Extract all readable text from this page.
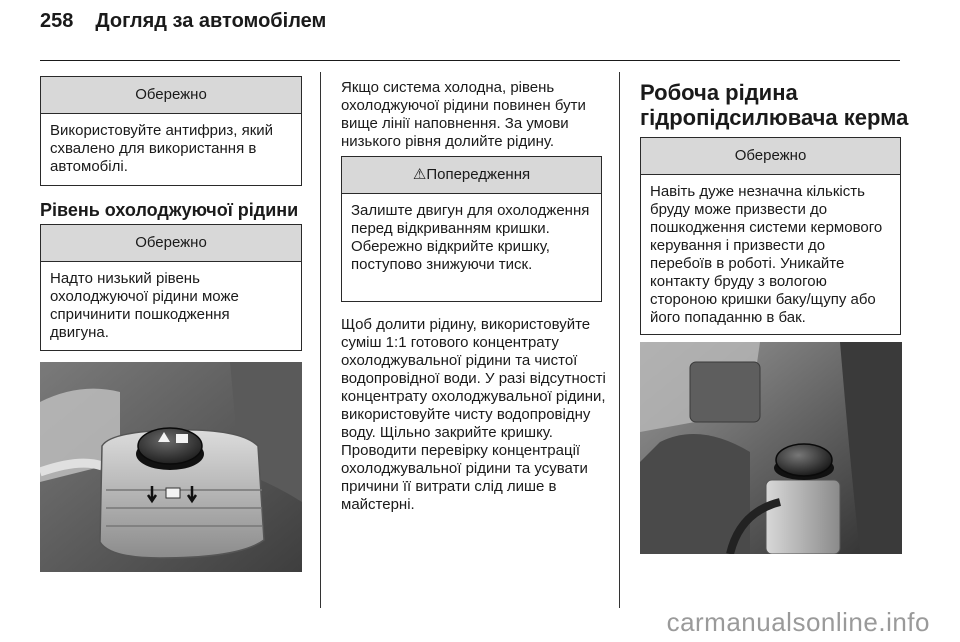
258 Догляд за автомобілем
Обережно
Використовуйте антифриз, який схвалено для використання в автомобілі.
Рівень охолоджуючої рідини
Обережно
Надто низький рівень охолоджуючої рідини може спричинити пошкодження двигуна.
Якщо система холодна, рівень охолоджуючої рідини повинен бути вище лінії наповнення. За умови низького рівня долийте рідину.
⚠Попередження
Залиште двигун для охолодження перед відкриванням кришки. Обережно відкрийте кришку, поступово знижуючи тиск.
Щоб долити рідину, використовуйте суміш 1:1 готового концентрату охолоджувальної рідини та чистої водопровідної води. У разі відсутності концентрату охолоджувальної рідини, використовуйте чисту водопровідну воду. Щільно закрийте кришку. Проводити перевірку концентрації охолоджувальної рідини та усувати причини її витрати слід лише в майстерні.
Робоча рідина гідропідсилювача керма
Обережно
Навіть дуже незначна кількість бруду може призвести до пошкодження системи кермового керування і призвести до перебоїв в роботі. Уникайте контакту бруду з вологою стороною кришки баку/щупу або його попаданню в бак.
carmanualsonline.info
